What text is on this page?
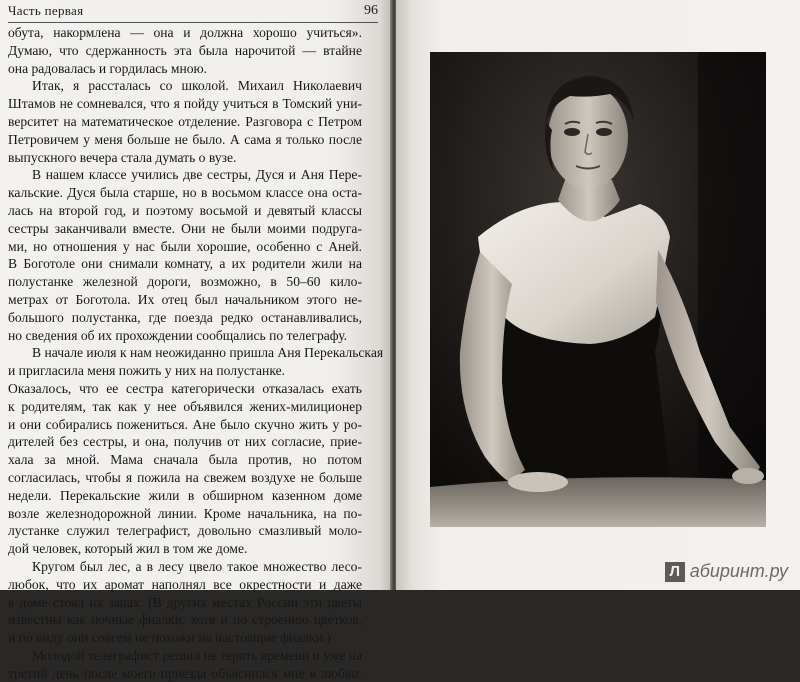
Часть первая	96
обута, накормлена — она и должна хорошо учиться».
Думаю, что сдержанность эта была нарочитой — втайне
она радовалась и гордилась мною.
Итак, я рассталась со школой. Михаил Николаевич
Штамов не сомневался, что я пойду учиться в Томский уни-
верситет на математическое отделение. Разговора с Петром
Петровичем у меня больше не было. А сама я только после
выпускного вечера стала думать о вузе.
В нашем классе учились две сестры, Дуся и Аня Пере-
кальские. Дуся была старше, но в восьмом классе она оста-
лась на второй год, и поэтому восьмой и девятый классы
сестры заканчивали вместе. Они не были моими подруга-
ми, но отношения у нас были хорошие, особенно с Аней.
В Боготоле они снимали комнату, а их родители жили на
полустанке железной дороги, возможно, в 50–60 кило-
метрах от Боготола. Их отец был начальником этого не-
большого полустанка, где поезда редко останавливались,
но сведения об их прохождении сообщались по телеграфу.
В начале июля к нам неожиданно пришла Аня Перекальская
и пригласила меня пожить у них на полустанке.
Оказалось, что ее сестра категорически отказалась ехать
к родителям, так как у нее объявился жених-милиционер
и они собирались пожениться. Ане было скучно жить у ро-
дителей без сестры, и она, получив от них согласие, прие-
хала за мной. Мама сначала была против, но потом
согласилась, чтобы я пожила на свежем воздухе не больше
недели. Перекальские жили в обширном казенном доме
возле железнодорожной линии. Кроме начальника, на по-
лустанке служил телеграфист, довольно смазливый моло-
дой человек, который жил в том же доме.
Кругом был лес, а в лесу цвело такое множество лесо-
любок, что их аромат наполнял все окрестности и даже
в доме стоял их запах. (В других местах России эти цветы
известны как ночные фиалки, хотя и по строению цветков,
и по виду они совсем не похожи на настоящие фиалки.)
Молодой телеграфист решил не терять времени и уже на
третий день после моего приезда объяснился мне в любви.
Л абиринт.ру
